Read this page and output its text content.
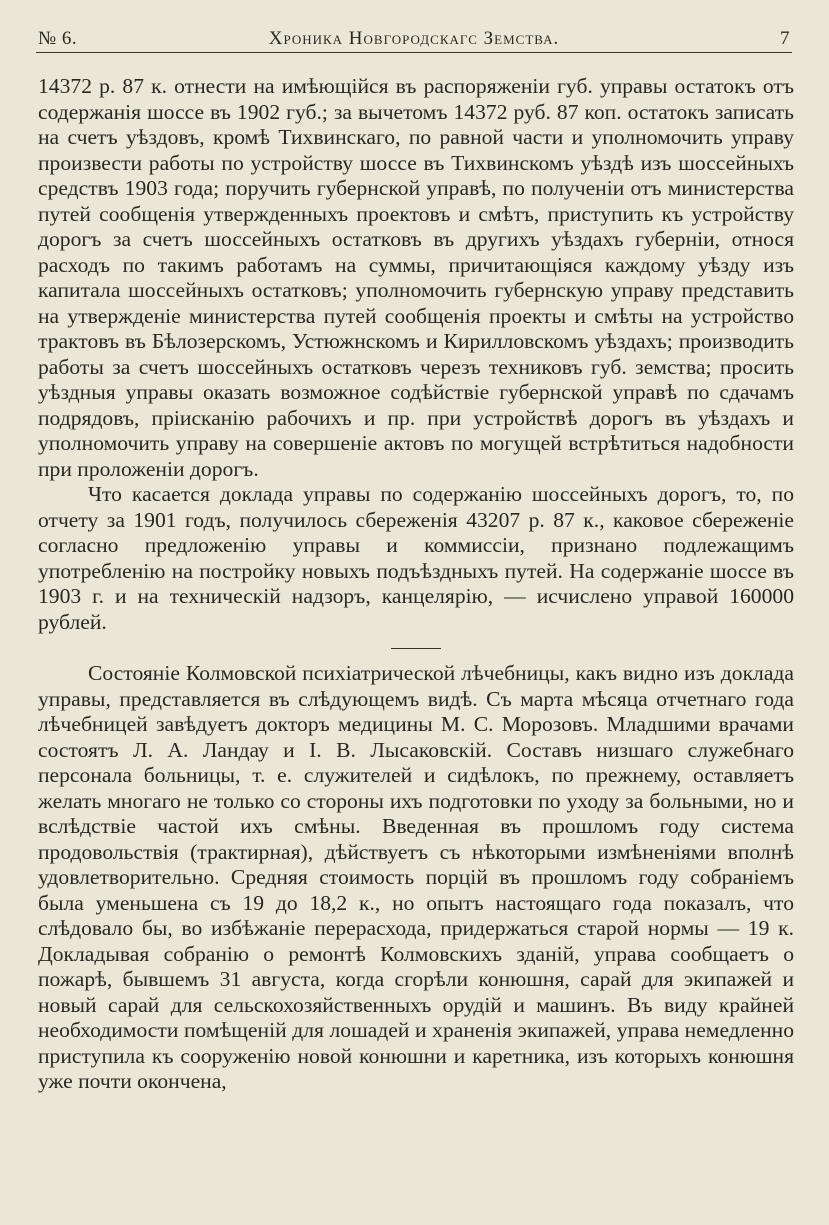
№ 6.	Хроника Новгородскагс Земства.	7

14372 р. 87 к. отнести на имѣющійся въ распоряженіи губ. управы остатокъ отъ содержанія шоссе въ 1902 губ.; за вычетомъ 14372 руб. 87 коп. остатокъ записать на счетъ уѣздовъ, кромѣ Тихвинскаго, по равной части и уполномочить управу произвести работы по устройству шоссе въ Тихвинскомъ уѣздѣ изъ шоссейныхъ средствъ 1903 года; поручить губернской управѣ, по полученіи отъ министерства путей сообщенія утвержденныхъ проектовъ и смѣтъ, приступить къ устройству дорогъ за счетъ шоссейныхъ остатковъ въ другихъ уѣздахъ губерніи, относя расходъ по такимъ работамъ на суммы, причитающіяся каждому уѣзду изъ капитала шоссейныхъ остатковъ; уполномочить губернскую управу представить на утвержденіе министерства путей сообщенія проекты и смѣты на устройство трактовъ въ Бѣлозерскомъ, Устюжнскомъ и Кирилловскомъ уѣздахъ; производить работы за счетъ шоссейныхъ остатковъ черезъ техниковъ губ. земства; просить уѣздныя управы оказать возможное содѣйствіе губернской управѣ по сдачамъ подрядовъ, пріисканію рабочихъ и пр. при устройствѣ дорогъ въ уѣздахъ и уполномочить управу на совершеніе актовъ по могущей встрѣтиться надобности при проложеніи дорогъ.

Что касается доклада управы по содержанію шоссейныхъ дорогъ, то, по отчету за 1901 годъ, получилось сбереженія 43207 р. 87 к., каковое сбереженіе согласно предложенію управы и коммиссіи, признано подлежащимъ употребленію на постройку новыхъ подъѣздныхъ путей. На содержаніе шоссе въ 1903 г. и на техническій надзоръ, канцелярію, — исчислено управой 160000 рублей.

Состояніе Колмовской психіатрической лѣчебницы, какъ видно изъ доклада управы, представляется въ слѣдующемъ видѣ. Съ марта мѣсяца отчетнаго года лѣчебницей завѣдуетъ докторъ медицины М. С. Морозовъ. Младшими врачами состоятъ Л. А. Ландау и I. В. Лысаковскій. Составъ низшаго служебнаго персонала больницы, т. е. служителей и сидѣлокъ, по прежнему, оставляетъ желать многаго не только со стороны ихъ подготовки по уходу за больными, но и вслѣдствіе частой ихъ смѣны. Введенная въ прошломъ году система продовольствія (трактирная), дѣйствуетъ съ нѣкоторыми измѣненіями вполнѣ удовлетворительно. Средняя стоимость порцій въ прошломъ году собраніемъ была уменьшена съ 19 до 18,2 к., но опытъ настоящаго года показалъ, что слѣдовало бы, во избѣжаніе перерасхода, придержаться старой нормы — 19 к. Докладывая собранію о ремонтѣ Колмовскихъ зданій, управа сообщаетъ о пожарѣ, бывшемъ 31 августа, когда сгорѣли конюшня, сарай для экипажей и новый сарай для сельскохозяйственныхъ орудій и машинъ. Въ виду крайней необходимости помѣщеній для лошадей и храненія экипажей, управа немедленно приступила къ сооруженію новой конюшни и каретника, изъ которыхъ конюшня уже почти окончена,
